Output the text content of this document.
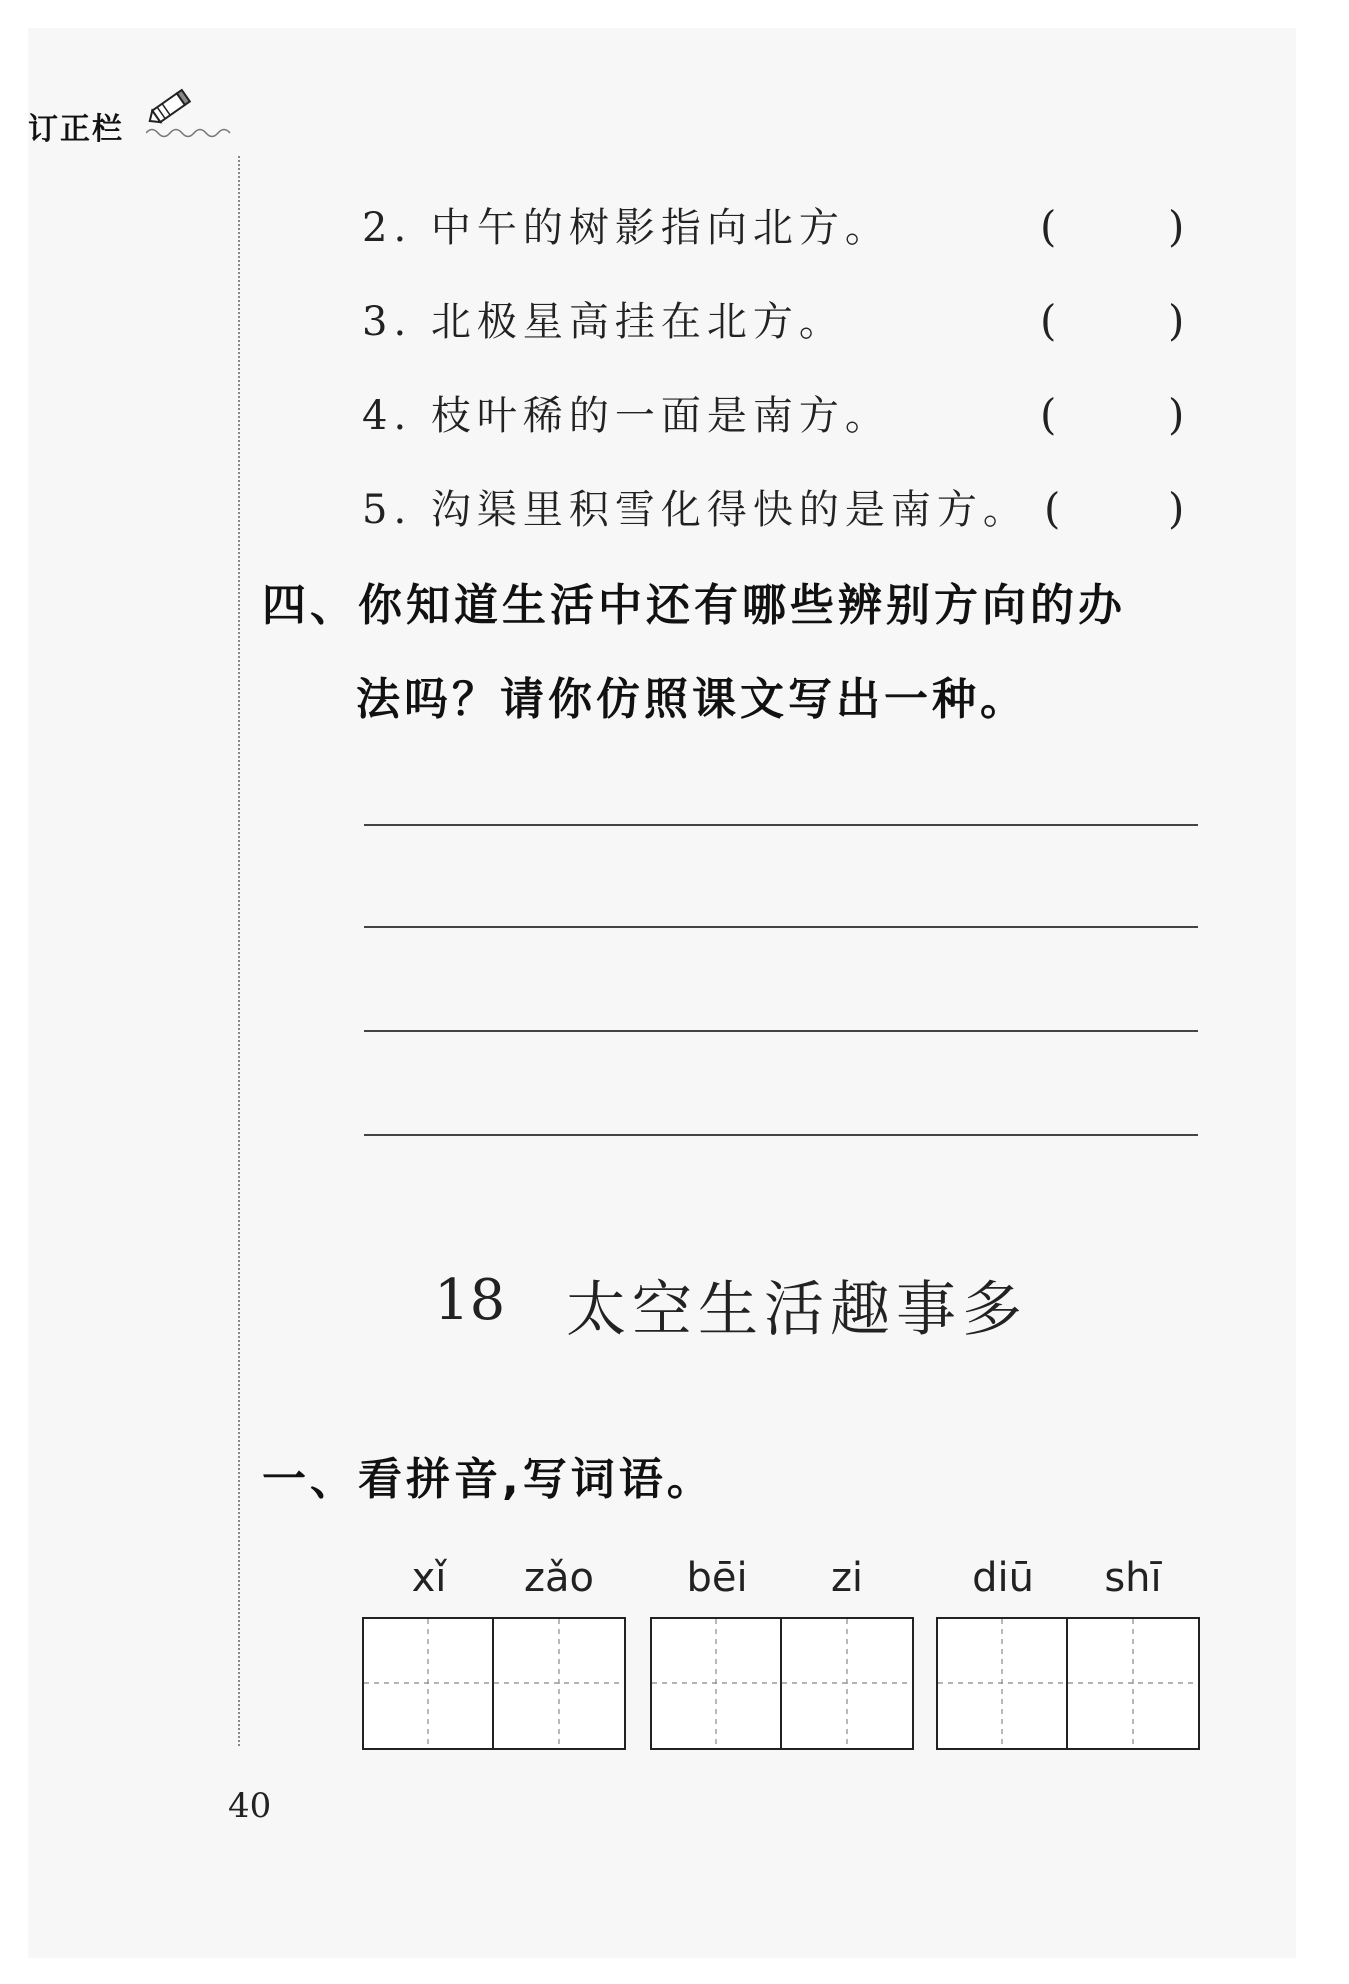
订正栏
2. 中午的树影指向北方。	(	)
3. 北极星高挂在北方。	(	)
4. 枝叶稀的一面是南方。	(	)
5. 沟渠里积雪化得快的是南方。 (	)
四、你知道生活中还有哪些辨别方向的办
法吗？请你仿照课文写出一种。
18 太空生活趣事多
一、看拼音,写词语。
xǐ	zǎo	bēi	zi	diū	shī
40
